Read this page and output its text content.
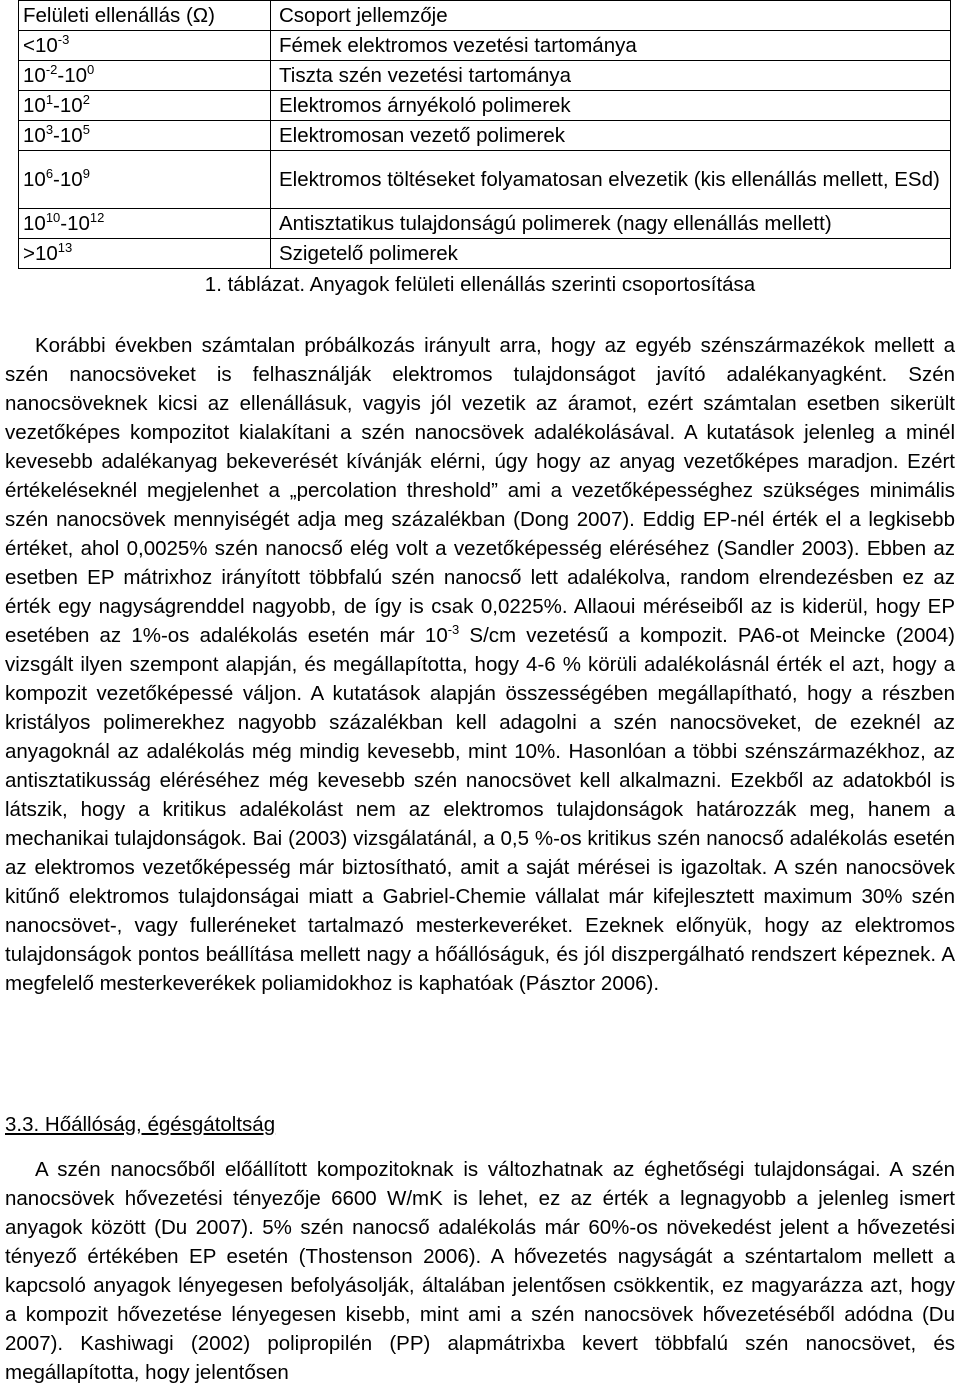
Felületi ellenállás (Ω)	Csoport jellemzője
$<10^{-3}$	Fémek elektromos vezetési tartománya
$10^{-2}-10^0$	Tiszta szén vezetési tartománya
$10^1-10^2$	Elektromos árnyékoló polimerek
$10^3-10^5$	Elektromosan vezető polimerek
$10^6-10^9$	Elektromos töltéseket folyamatosan elvezetik (kis ellenállás mellett, ESd)
$10^{10}-10^{12}$	Antisztatikus tulajdonságú polimerek (nagy ellenállás mellett)
$>10^{13}$	Szigetelő polimerek
1. táblázat. Anyagok felületi ellenállás szerinti csoportosítása
Korábbi években számtalan próbálkozás irányult arra, hogy az egyéb szénszármazékok mellett a szén nanocsöveket is felhasználják elektromos tulajdonságot javító adalékanyagként. Szén nanocsöveknek kicsi az ellenállásuk, vagyis jól vezetik az áramot, ezért számtalan esetben sikerült vezetőképes kompozitot kialakítani a szén nanocsövek adalékolásával. A kutatások jelenleg a minél kevesebb adalékanyag bekeverését kívánják elérni, úgy hogy az anyag vezetőképes maradjon. Ezért értékeléseknél megjelenhet a „percolation threshold” ami a vezetőképességhez szükséges minimális szén nanocsövek mennyiségét adja meg százalékban (Dong 2007). Eddig EP-nél érték el a legkisebb értéket, ahol 0,0025% szén nanocső elég volt a vezetőképesség eléréséhez (Sandler 2003). Ebben az esetben EP mátrixhoz irányított többfalú szén nanocső lett adalékolva, random elrendezésben ez az érték egy nagyságrenddel nagyobb, de így is csak 0,0225%. Allaoui méréseiből az is kiderül, hogy EP esetében az 1%-os adalékolás esetén már $10^{-3}$ S/cm vezetésű a kompozit. PA6-ot Meincke (2004) vizsgált ilyen szempont alapján, és megállapította, hogy 4-6 % körüli adalékolásnál érték el azt, hogy a kompozit vezetőképessé váljon. A kutatások alapján összességében megállapítható, hogy a részben kristályos polimerekhez nagyobb százalékban kell adagolni a szén nanocsöveket, de ezeknél az anyagoknál az adalékolás még mindig kevesebb, mint 10%. Hasonlóan a többi szénszármazékhoz, az antisztatikusság eléréséhez még kevesebb szén nanocsövet kell alkalmazni. Ezekből az adatokból is látszik, hogy a kritikus adalékolást nem az elektromos tulajdonságok határozzák meg, hanem a mechanikai tulajdonságok. Bai (2003) vizsgálatánál, a 0,5 %-os kritikus szén nanocső adalékolás esetén az elektromos vezetőképesség már biztosítható, amit a saját mérései is igazoltak. A szén nanocsövek kitűnő elektromos tulajdonságai miatt a Gabriel-Chemie vállalat már kifejlesztett maximum 30% szén nanocsövet-, vagy fulleréneket tartalmazó mesterkeveréket. Ezeknek előnyük, hogy az elektromos tulajdonságok pontos beállítása mellett nagy a hőállóságuk, és jól diszpergálható rendszert képeznek. A megfelelő mesterkeverékek poliamidokhoz is kaphatóak (Pásztor 2006).
3.3. Hőállóság, égésgátoltság
A szén nanocsőből előállított kompozitoknak is változhatnak az éghetőségi tulajdonságai. A szén nanocsövek hővezetési tényezője 6600 W/mK is lehet, ez az érték a legnagyobb a jelenleg ismert anyagok között (Du 2007). 5% szén nanocső adalékolás már 60%-os növekedést jelent a hővezetési tényező értékében EP esetén (Thostenson 2006). A hővezetés nagyságát a széntartalom mellett a kapcsoló anyagok lényegesen befolyásolják, általában jelentősen csökkentik, ez magyarázza azt, hogy a kompozit hővezetése lényegesen kisebb, mint ami a szén nanocsövek hővezetéséből adódna (Du 2007). Kashiwagi (2002) polipropilén (PP) alapmátrixba kevert többfalú szén nanocsövet, és megállapította, hogy jelentősen
